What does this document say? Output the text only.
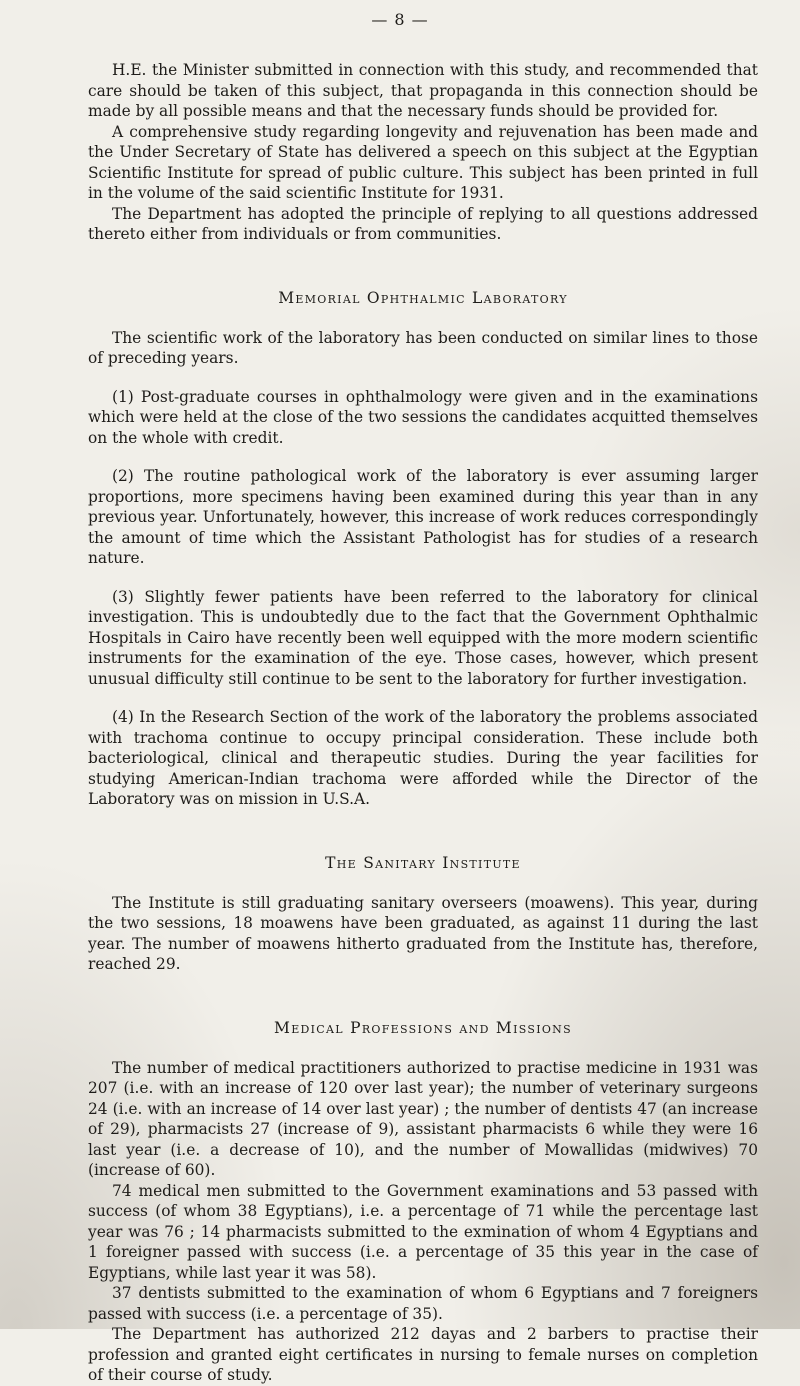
— 8 —

H.E. the Minister submitted in connection with this study, and recommended that care should be taken of this subject, that propaganda in this connection should be made by all possible means and that the necessary funds should be provided for.

A comprehensive study regarding longevity and rejuvenation has been made and the Under Secretary of State has delivered a speech on this subject at the Egyptian Scientific Institute for spread of public culture. This subject has been printed in full in the volume of the said scientific Institute for 1931.

The Department has adopted the principle of replying to all questions addressed thereto either from individuals or from communities.

Memorial Ophthalmic Laboratory

The scientific work of the laboratory has been conducted on similar lines to those of preceding years.

(1) Post-graduate courses in ophthalmology were given and in the examinations which were held at the close of the two sessions the candidates acquitted themselves on the whole with credit.

(2) The routine pathological work of the laboratory is ever assuming larger proportions, more specimens having been examined during this year than in any previous year. Unfortunately, however, this increase of work reduces correspondingly the amount of time which the Assistant Pathologist has for studies of a research nature.

(3) Slightly fewer patients have been referred to the laboratory for clinical investigation. This is undoubtedly due to the fact that the Government Ophthalmic Hospitals in Cairo have recently been well equipped with the more modern scientific instruments for the examination of the eye. Those cases, however, which present unusual difficulty still continue to be sent to the laboratory for further investigation.

(4) In the Research Section of the work of the laboratory the problems associated with trachoma continue to occupy principal consideration. These include both bacteriological, clinical and therapeutic studies. During the year facilities for studying American-Indian trachoma were afforded while the Director of the Laboratory was on mission in U.S.A.

The Sanitary Institute

The Institute is still graduating sanitary overseers (moawens). This year, during the two sessions, 18 moawens have been graduated, as against 11 during the last year. The number of moawens hitherto graduated from the Institute has, therefore, reached 29.

Medical Professions and Missions

The number of medical practitioners authorized to practise medicine in 1931 was 207 (i.e. with an increase of 120 over last year); the number of veterinary surgeons 24 (i.e. with an increase of 14 over last year) ; the number of dentists 47 (an increase of 29), pharmacists 27 (increase of 9), assistant pharmacists 6 while they were 16 last year (i.e. a decrease of 10), and the number of Mowallidas (midwives) 70 (increase of 60).

74 medical men submitted to the Government examinations and 53 passed with success (of whom 38 Egyptians), i.e. a percentage of 71 while the percentage last year was 76 ; 14 pharmacists submitted to the exmination of whom 4 Egyptians and 1 foreigner passed with success (i.e. a percentage of 35 this year in the case of Egyptians, while last year it was 58).

37 dentists submitted to the examination of whom 6 Egyptians and 7 foreigners passed with success (i.e. a percentage of 35).

The Department has authorized 212 dayas and 2 barbers to practise their profession and granted eight certificates in nursing to female nurses on completion of their course of study.
